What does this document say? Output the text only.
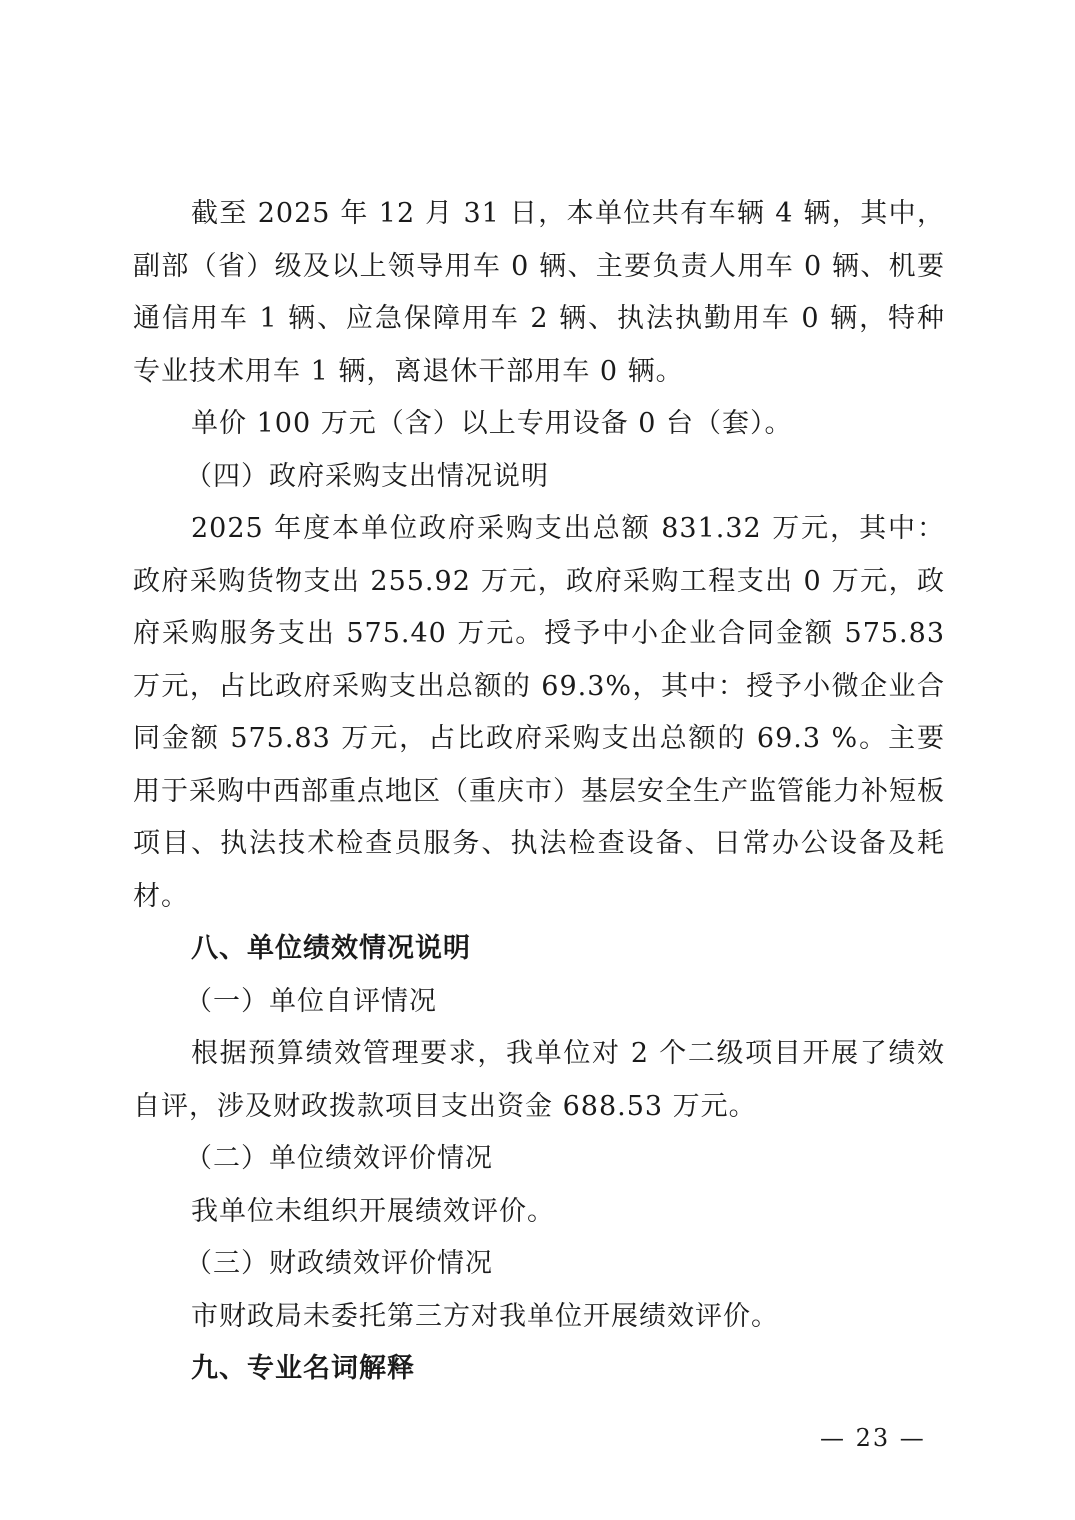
截至 2025 年 12 月 31 日，本单位共有车辆 4 辆，其中，副部（省）级及以上领导用车 0 辆、主要负责人用车 0 辆、机要通信用车 1 辆、应急保障用车 2 辆、执法执勤用车 0 辆，特种专业技术用车 1 辆，离退休干部用车 0 辆。

单价 100 万元（含）以上专用设备 0 台（套）。

（四）政府采购支出情况说明

2025 年度本单位政府采购支出总额 831.32 万元，其中：政府采购货物支出 255.92 万元，政府采购工程支出 0 万元，政府采购服务支出 575.40 万元。授予中小企业合同金额 575.83 万元，占比政府采购支出总额的 69.3%，其中：授予小微企业合同金额 575.83 万元，占比政府采购支出总额的 69.3 %。主要用于采购中西部重点地区（重庆市）基层安全生产监管能力补短板项目、执法技术检查员服务、执法检查设备、日常办公设备及耗材。

八、单位绩效情况说明

（一）单位自评情况

根据预算绩效管理要求，我单位对 2 个二级项目开展了绩效自评，涉及财政拨款项目支出资金 688.53 万元。

（二）单位绩效评价情况

我单位未组织开展绩效评价。

（三）财政绩效评价情况

市财政局未委托第三方对我单位开展绩效评价。

九、专业名词解释

— 23 —
